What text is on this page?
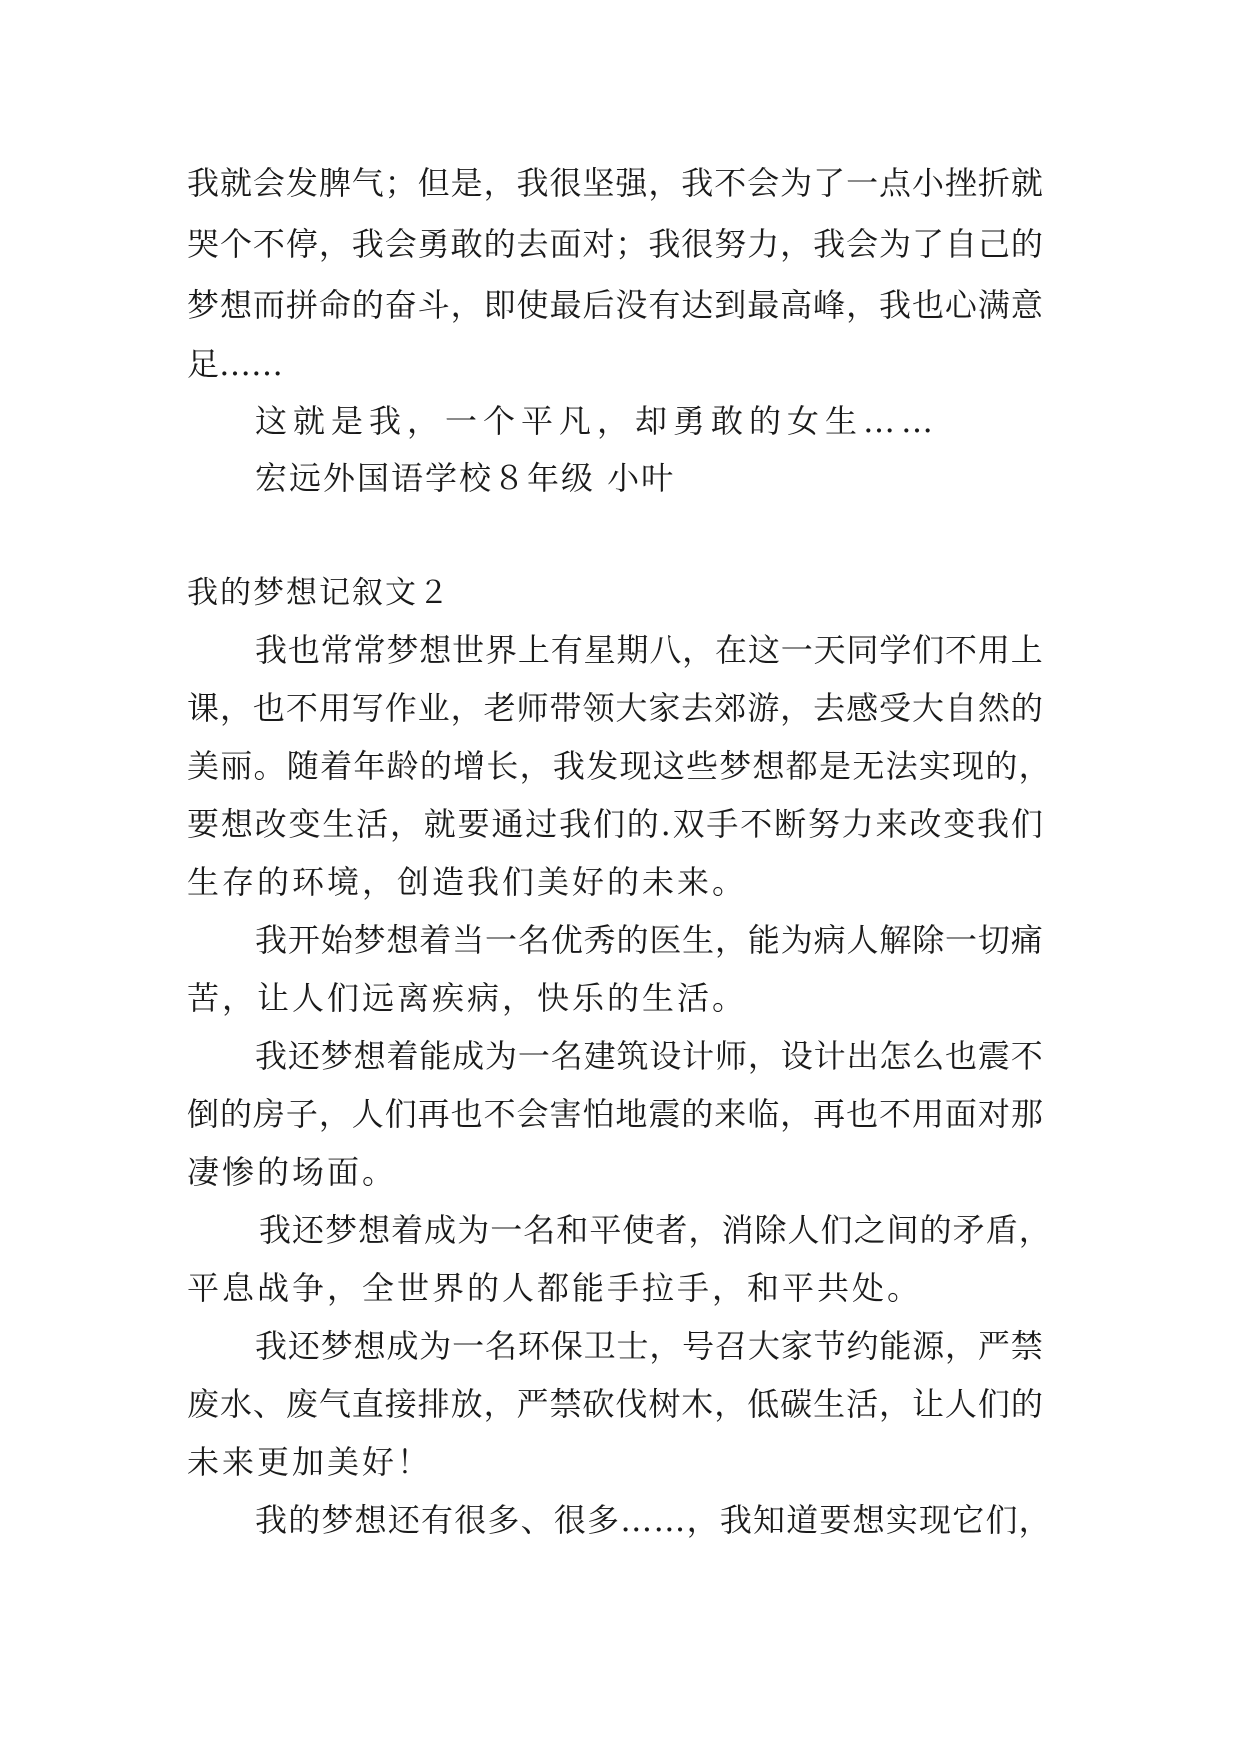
我 就 会 发 脾 气 ； 但 是 ， 我 很 坚 强 ， 我 不 会 为 了 一 点 小 挫 折 就
哭 个 不 停 ， 我 会 勇 敢 的 去 面 对 ； 我 很 努 力 ， 我 会 为 了 自 己 的
梦 想 而 拼 命 的 奋 斗 ， 即 使 最 后 没 有 达 到 最 高 峰 ， 我 也 心 满 意
足……
这就是我，一个平凡，却勇敢的女生……
宏远外国语学校８年级 小叶
我的梦想记叙文２
我 也 常 常 梦 想 世 界 上 有 星 期 八 ， 在 这 一 天 同 学 们 不 用 上
课 ， 也 不 用 写 作 业 ， 老 师 带 领 大 家 去 郊 游 ， 去 感 受 大 自 然 的
美 丽 。 随 着 年 龄 的 增 长 ， 我 发 现 这 些 梦 想 都 是 无 法 实 现 的 ，
要 想 改 变 生 活 ， 就 要 通 过 我 们 的 . 双 手 不 断 努 力 来 改 变 我 们
生存的环境，创造我们美好的未来。
我 开 始 梦 想 着 当 一 名 优 秀 的 医 生 ， 能 为 病 人 解 除 一 切 痛
苦，让人们远离疾病，快乐的生活。
我 还 梦 想 着 能 成 为 一 名 建 筑 设 计 师 ， 设 计 出 怎 么 也 震 不
倒 的 房 子 ， 人 们 再 也 不 会 害 怕 地 震 的 来 临 ， 再 也 不 用 面 对 那
凄惨的场面。
我 还 梦 想 着 成 为 一 名 和 平 使 者 ， 消 除 人 们 之 间 的 矛 盾 ，
平息战争，全世界的人都能手拉手，和平共处。
我 还 梦 想 成 为 一 名 环 保 卫 士 ， 号 召 大 家 节 约 能 源 ， 严 禁
废 水 、 废 气 直 接 排 放 ， 严 禁 砍 伐 树 木 ， 低 碳 生 活 ， 让 人 们 的
未来更加美好！
我 的 梦 想 还 有 很 多 、 很 多 … … ， 我 知 道 要 想 实 现 它 们 ，
